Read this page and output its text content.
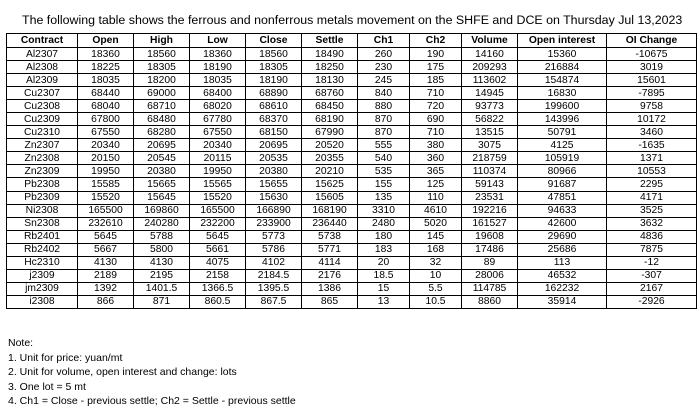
The following table shows the ferrous and nonferrous metals movement on the SHFE and DCE on Thursday Jul 13,2023
Contract	Open	High	Low	Close	Settle	Ch1	Ch2	Volume	Open interest	OI Change
Al2307	18360	18560	18360	18560	18490	260	190	14160	15360	-10675
Al2308	18225	18305	18190	18305	18250	230	175	209293	216884	3019
Al2309	18035	18200	18035	18190	18130	245	185	113602	154874	15601
Cu2307	68440	69000	68400	68890	68760	840	710	14945	16830	-7895
Cu2308	68040	68710	68020	68610	68450	880	720	93773	199600	9758
Cu2309	67800	68480	67780	68370	68190	870	690	56822	143996	10172
Cu2310	67550	68280	67550	68150	67990	870	710	13515	50791	3460
Zn2307	20340	20695	20340	20695	20520	555	380	3075	4125	-1635
Zn2308	20150	20545	20115	20535	20355	540	360	218759	105919	1371
Zn2309	19950	20380	19950	20380	20210	535	365	110374	80966	10553
Pb2308	15585	15665	15565	15655	15625	155	125	59143	91687	2295
Pb2309	15520	15645	15520	15630	15605	135	110	23531	47851	4171
Ni2308	165500	169860	165500	166890	168190	3310	4610	192216	94633	3525
Sn2308	232610	240280	232200	233900	236440	2480	5020	161527	42600	3632
Rb2401	5645	5788	5645	5773	5738	180	145	19608	29690	4836
Rb2402	5667	5800	5661	5786	5771	183	168	17486	25686	7875
Hc2310	4130	4130	4075	4102	4114	20	32	89	113	-12
j2309	2189	2195	2158	2184.5	2176	18.5	10	28006	46532	-307
jm2309	1392	1401.5	1366.5	1395.5	1386	15	5.5	114785	162232	2167
i2308	866	871	860.5	867.5	865	13	10.5	8860	35914	-2926
Note:
1. Unit for price: yuan/mt
2. Unit for volume, open interest and change: lots
3. One lot = 5 mt
4. Ch1 = Close - previous settle; Ch2 = Settle - previous settle
